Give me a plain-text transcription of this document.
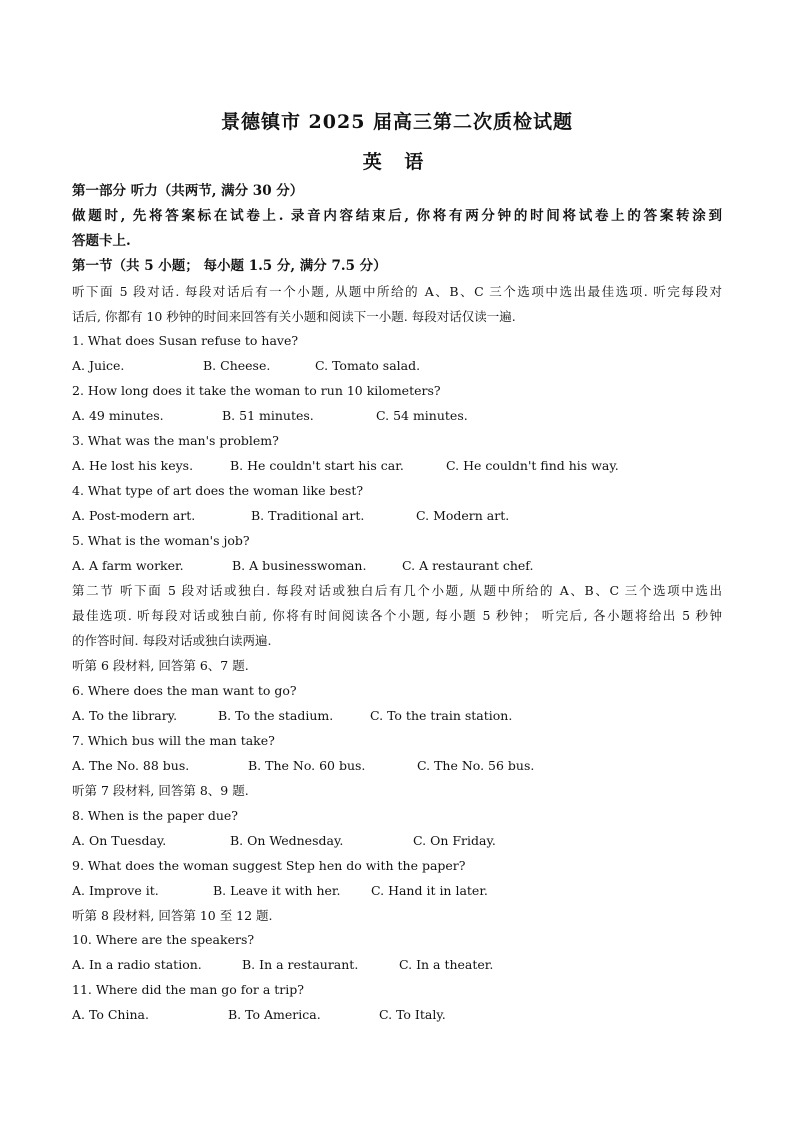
景德镇市 2025 届高三第二次质检试题
英 语
第一部分 听力（共两节, 满分 30 分）
做题时, 先将答案标在试卷上. 录音内容结束后, 你将有两分钟的时间将试卷上的答案转涂到
答题卡上.
第一节（共 5 小题； 每小题 1.5 分, 满分 7.5 分）
听下面 5 段对话. 每段对话后有一个小题, 从题中所给的 A、B、C 三个选项中选出最佳选项. 听完每段对
话后, 你都有 10 秒钟的时间来回答有关小题和阅读下一小题. 每段对话仅读一遍.
1. What does Susan refuse to have?
A. Juice.	B. Cheese.	C. Tomato salad.
2. How long does it take the woman to run 10 kilometers?
A. 49 minutes.	B. 51 minutes.	C. 54 minutes.
3. What was the man's problem?
A. He lost his keys.	B. He couldn't start his car.	C. He couldn't find his way.
4. What type of art does the woman like best?
A. Post-modern art.	B. Traditional art.	C. Modern art.
5. What is the woman's job?
A. A farm worker.	B. A businesswoman.	C. A restaurant chef.
第二节 听下面 5 段对话或独白. 每段对话或独白后有几个小题, 从题中所给的 A、B、C 三个选项中选出
最佳选项. 听每段对话或独白前, 你将有时间阅读各个小题, 每小题 5 秒钟； 听完后, 各小题将给出 5 秒钟
的作答时间. 每段对话或独白读两遍.
听第 6 段材料, 回答第 6、7 题.
6. Where does the man want to go?
A. To the library.	B. To the stadium.	C. To the train station.
7. Which bus will the man take?
A. The No. 88 bus.	B. The No. 60 bus.	C. The No. 56 bus.
听第 7 段材料, 回答第 8、9 题.
8. When is the paper due?
A. On Tuesday.	B. On Wednesday.	C. On Friday.
9. What does the woman suggest Step hen do with the paper?
A. Improve it.	B. Leave it with her. C. Hand it in later.
听第 8 段材料, 回答第 10 至 12 题.
10. Where are the speakers?
A. In a radio station.	B. In a restaurant.	C. In a theater.
11. Where did the man go for a trip?
A. To China.	B. To America.	C. To Italy.
